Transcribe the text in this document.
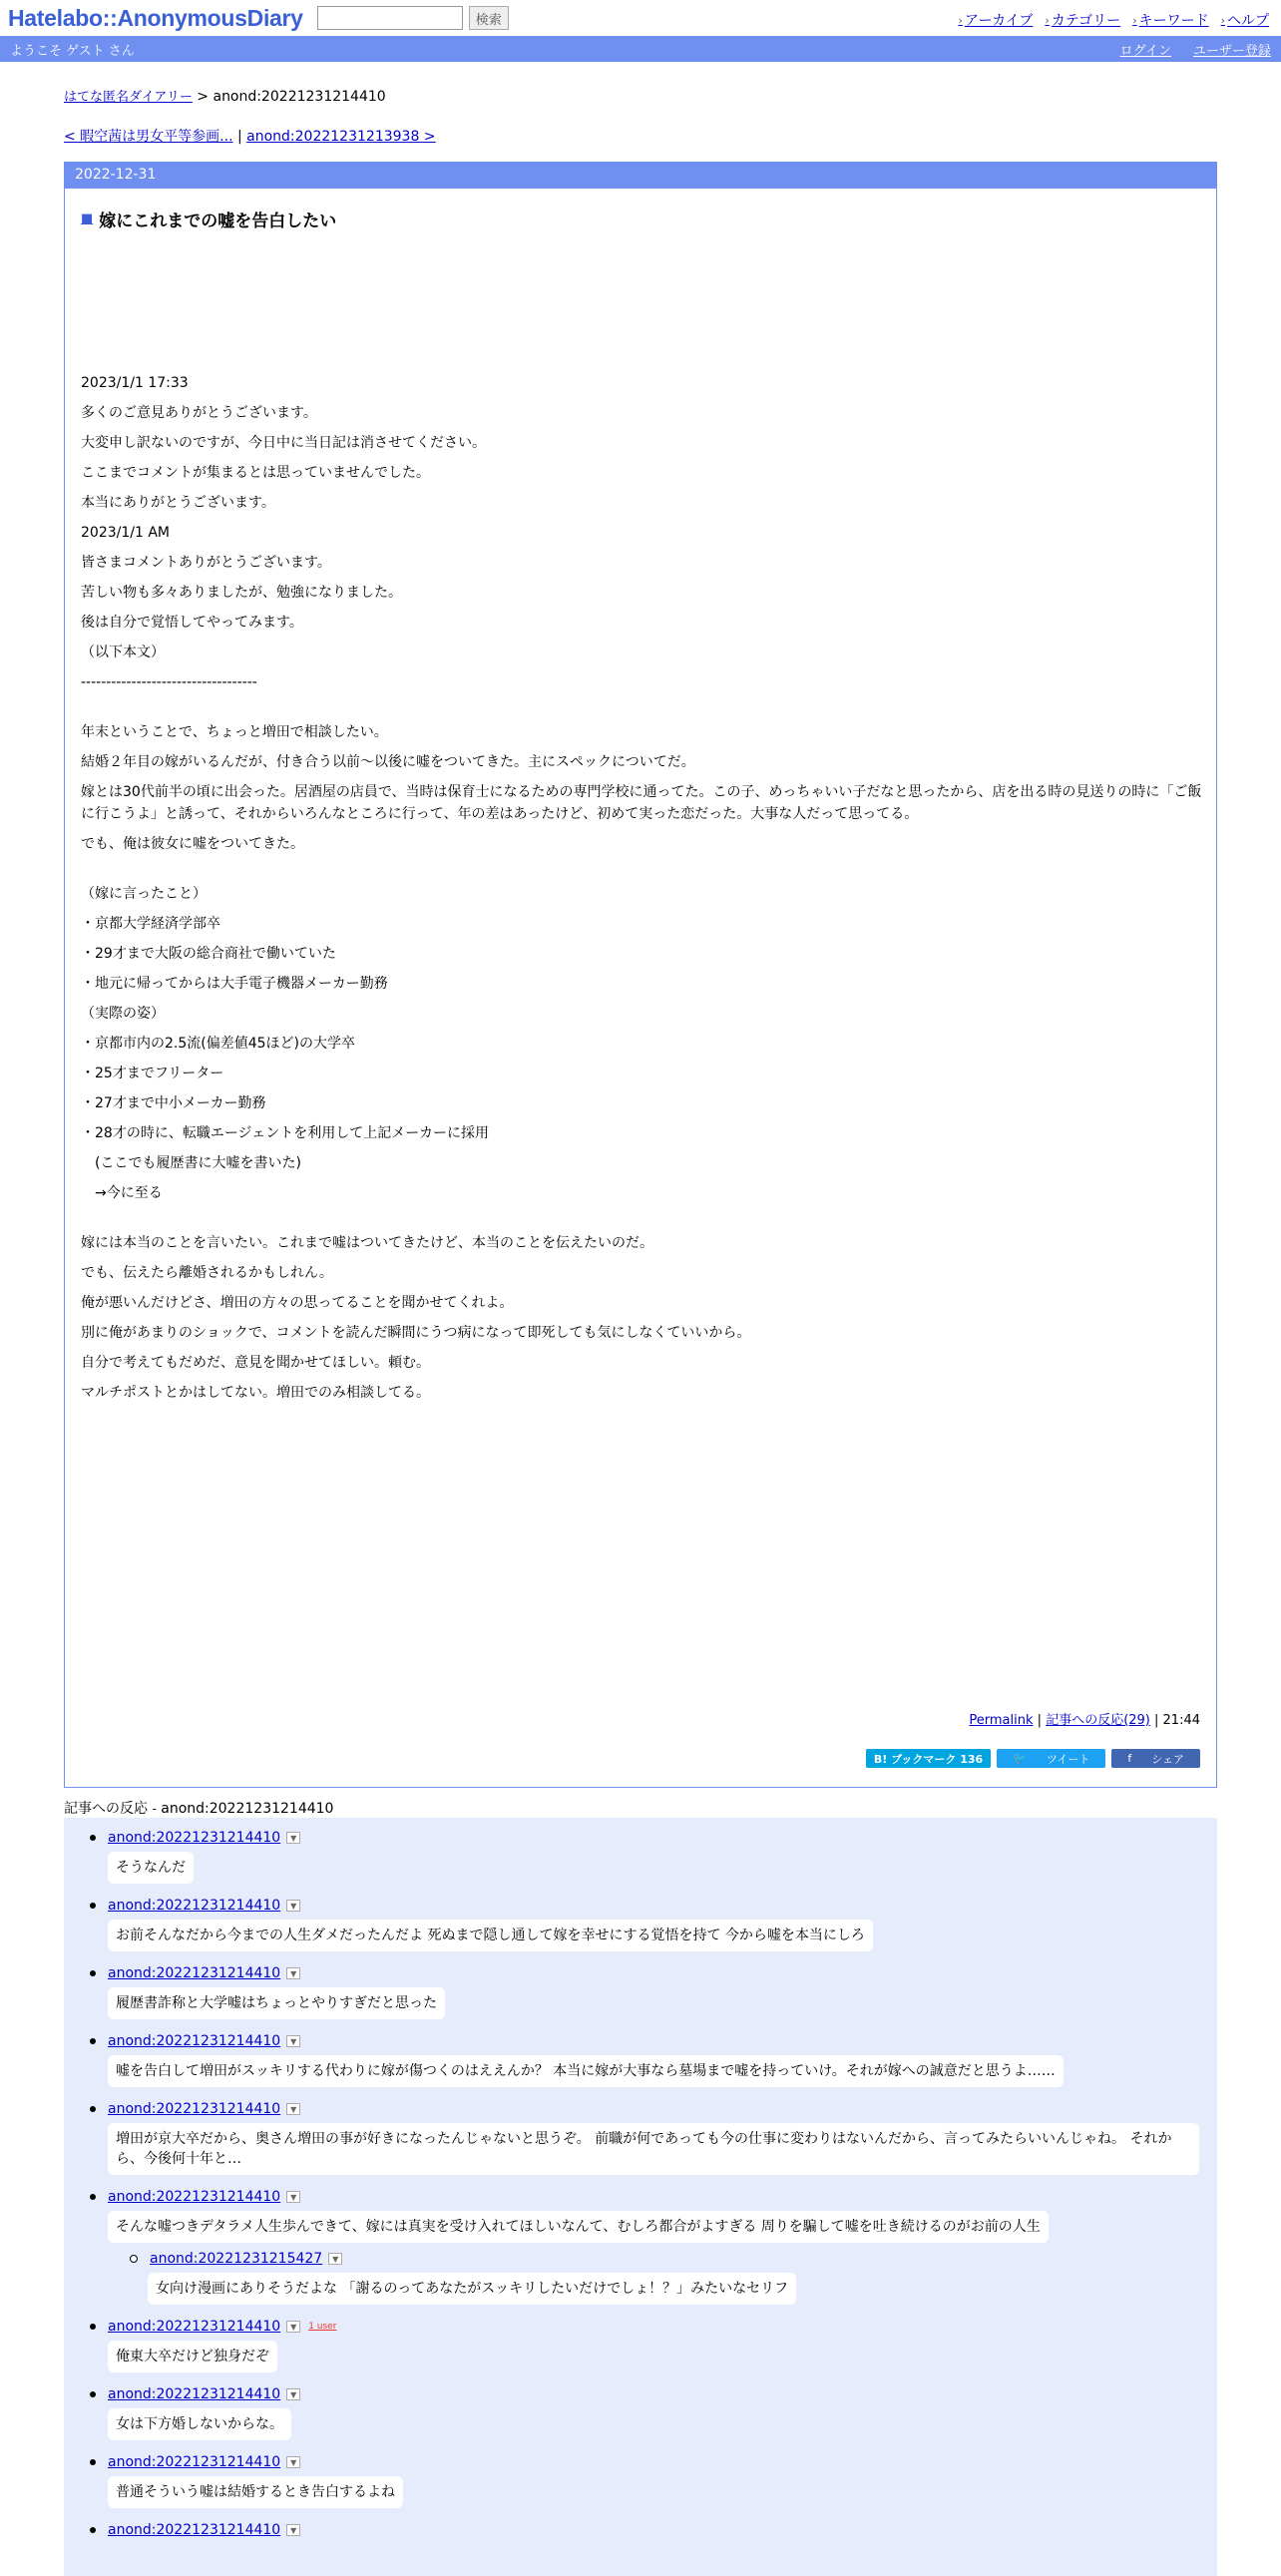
Hatelabo::AnonymousDiary	検索	› アーカイブ › カテゴリー › キーワード › ヘルプ
ようこそ ゲスト さん	ログイン ユーザー登録
はてな匿名ダイアリー > anond:20221231214410
< 暇空茜は男女平等参画... | anond:20221231213938 >
2022-12-31
■ 嫁にこれまでの嘘を告白したい

2023/1/1 17:33

多くのご意見ありがとうございます。

大変申し訳ないのですが、今日中に当日記は消させてください。

ここまでコメントが集まるとは思っていませんでした。

本当にありがとうございます。

2023/1/1 AM

皆さまコメントありがとうございます。

苦しい物も多々ありましたが、勉強になりました。

後は自分で覚悟してやってみます。

（以下本文）

-----------------------------------

年末ということで、ちょっと増田で相談したい。

結婚２年目の嫁がいるんだが、付き合う以前～以後に嘘をついてきた。主にスペックについてだ。

嫁とは30代前半の頃に出会った。居酒屋の店員で、当時は保育士になるための専門学校に通ってた。この子、めっちゃいい子だなと思ったから、店を出る時の見送りの時に「ご飯に行こうよ」と誘って、それからいろんなところに行って、年の差はあったけど、初めて実った恋だった。大事な人だって思ってる。

でも、俺は彼女に嘘をついてきた。

（嫁に言ったこと）

・京都大学経済学部卒

・29才まで大阪の総合商社で働いていた

・地元に帰ってからは大手電子機器メーカー勤務

（実際の姿）

・京都市内の2.5流(偏差値45ほど)の大学卒

・25才までフリーター

・27才まで中小メーカー勤務

・28才の時に、転職エージェントを利用して上記メーカーに採用

　(ここでも履歴書に大嘘を書いた)

　→今に至る

嫁には本当のことを言いたい。これまで嘘はついてきたけど、本当のことを伝えたいのだ。

でも、伝えたら離婚されるかもしれん。

俺が悪いんだけどさ、増田の方々の思ってることを聞かせてくれよ。

別に俺があまりのショックで、コメントを読んだ瞬間にうつ病になって即死しても気にしなくていいから。

自分で考えてもだめだ、意見を聞かせてほしい。頼む。

マルチポストとかはしてない。増田でのみ相談してる。

Permalink | 記事への反応(29) | 21:44
B! ブックマーク 136	🐦	ツイート	f	シェア
記事への反応 - anond:20221231214410
anond:20221231214410	▼
そうなんだ
anond:20221231214410	▼
お前そんなだから今までの人生ダメだったんだよ 死ぬまで隠し通して嫁を幸せにする覚悟を持て 今から嘘を本当にしろ
anond:20221231214410	▼
履歴書詐称と大学嘘はちょっとやりすぎだと思った
anond:20221231214410	▼
嘘を告白して増田がスッキリする代わりに嫁が傷つくのはええんか？ 本当に嫁が大事なら墓場まで嘘を持っていけ。それが嫁への誠意だと思うよ……
anond:20221231214410	▼
増田が京大卒だから、奥さん増田の事が好きになったんじゃないと思うぞ。 前職が何であっても今の仕事に変わりはないんだから、言ってみたらいいんじゃね。 それから、今後何十年と…
anond:20221231214410	▼
そんな嘘つきデタラメ人生歩んできて、嫁には真実を受け入れてほしいなんて、むしろ都合がよすぎる 周りを騙して嘘を吐き続けるのがお前の人生
anond:20221231215427	▼
女向け漫画にありそうだよな 「謝るのってあなたがスッキリしたいだけでしょ！？」みたいなセリフ
anond:20221231214410	▼	1 user
俺東大卒だけど独身だぞ
anond:20221231214410	▼
女は下方婚しないからな。
anond:20221231214410	▼
普通そういう嘘は結婚するとき告白するよね
anond:20221231214410	▼
